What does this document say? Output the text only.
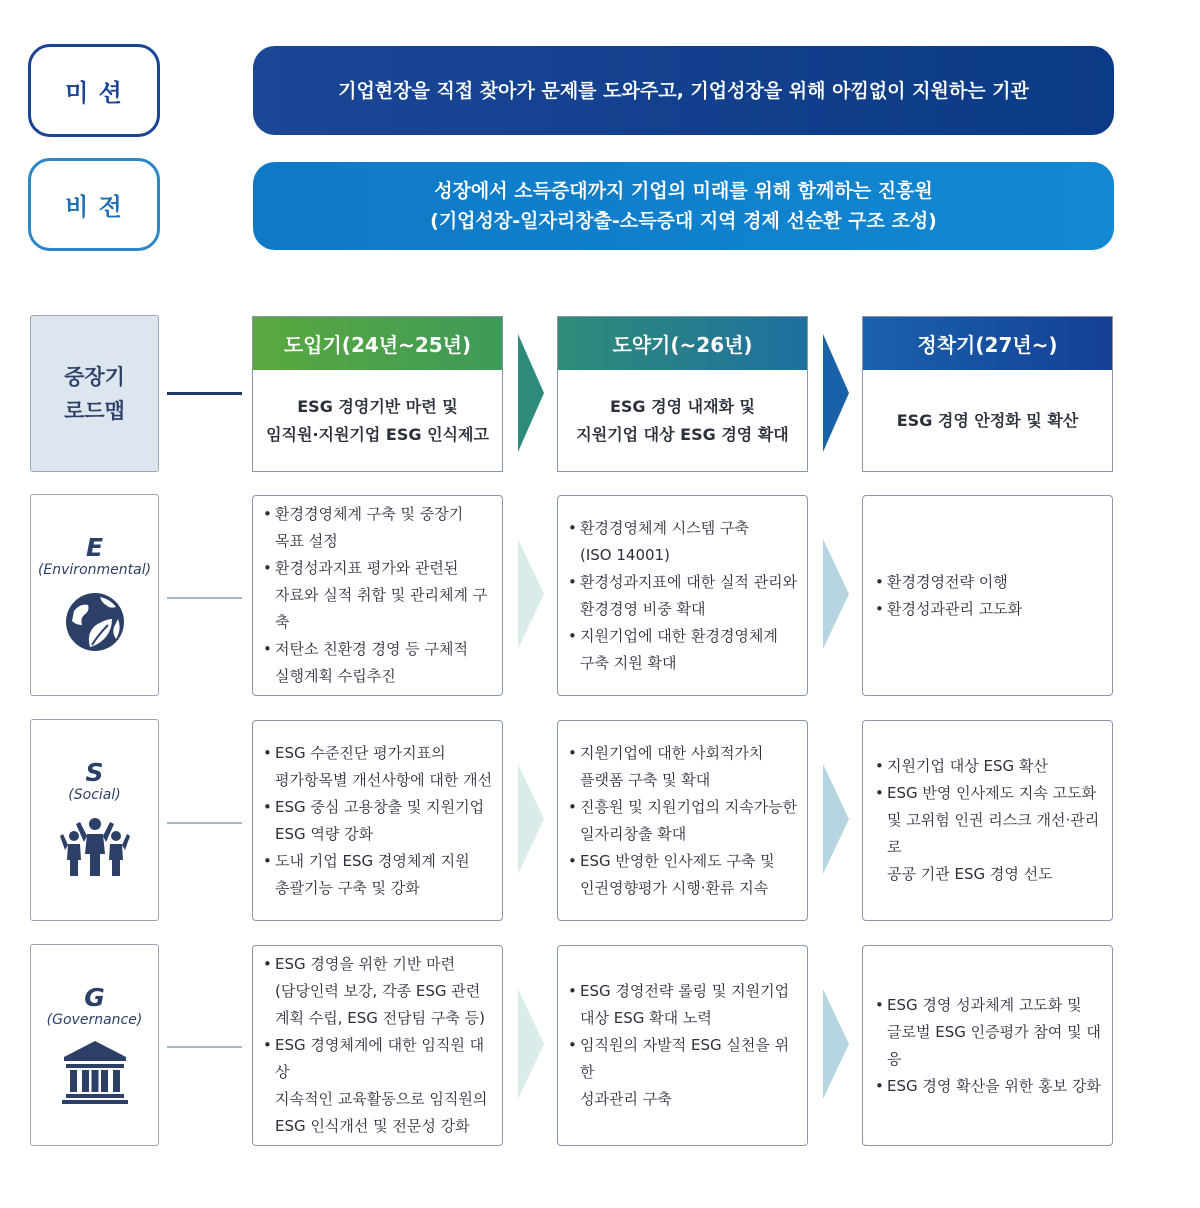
미 션	기업현장을 직접 찾아가 문제를 도와주고, 기업성장을 위해 아낌없이 지원하는 기관
비 전
성장에서 소득증대까지 기업의 미래를 위해 함께하는 진흥원
(기업성장-일자리창출-소득증대 지역 경제 선순환 구조 조성)
중장기
로드맵
E
(Environmental)
S
(Social)
G
(Governance)
도입기(24년~25년)
ESG 경영기반 마련 및
임직원·지원기업 ESG 인식제고
도약기(~26년)
ESG 경영 내재화 및
지원기업 대상 ESG 경영 확대
정착기(27년~)
ESG 경영 안정화 및 확산
• 환경경영체계 구축 및 중장기
목표 설정
• 환경성과지표 평가와 관련된
자료와 실적 취합 및 관리체계 구축
• 저탄소 친환경 경영 등 구체적
실행계획 수립추진
• 환경경영체계 시스템 구축
(ISO 14001)
• 환경성과지표에 대한 실적 관리와
환경경영 비중 확대
• 지원기업에 대한 환경경영체계
구축 지원 확대
• 환경경영전략 이행
• 환경성과관리 고도화
• ESG 수준진단 평가지표의
평가항목별 개선사항에 대한 개선
• ESG 중심 고용창출 및 지원기업
ESG 역량 강화
• 도내 기업 ESG 경영체계 지원
총괄기능 구축 및 강화
• 지원기업에 대한 사회적가치
플랫폼 구축 및 확대
• 진흥원 및 지원기업의 지속가능한
일자리창출 확대
• ESG 반영한 인사제도 구축 및
인권영향평가 시행·환류 지속
• 지원기업 대상 ESG 확산
• ESG 반영 인사제도 지속 고도화
및 고위험 인권 리스크 개선·관리로
공공 기관 ESG 경영 선도
• ESG 경영을 위한 기반 마련
(담당인력 보강, 각종 ESG 관련
계획 수립, ESG 전담팀 구축 등)
• ESG 경영체계에 대한 임직원 대상
지속적인 교육활동으로 임직원의
ESG 인식개선 및 전문성 강화
• ESG 경영전략 롤링 및 지원기업
대상 ESG 확대 노력
• 임직원의 자발적 ESG 실천을 위한
성과관리 구축
• ESG 경영 성과체계 고도화 및
글로벌 ESG 인증평가 참여 및 대응
• ESG 경영 확산을 위한 홍보 강화
